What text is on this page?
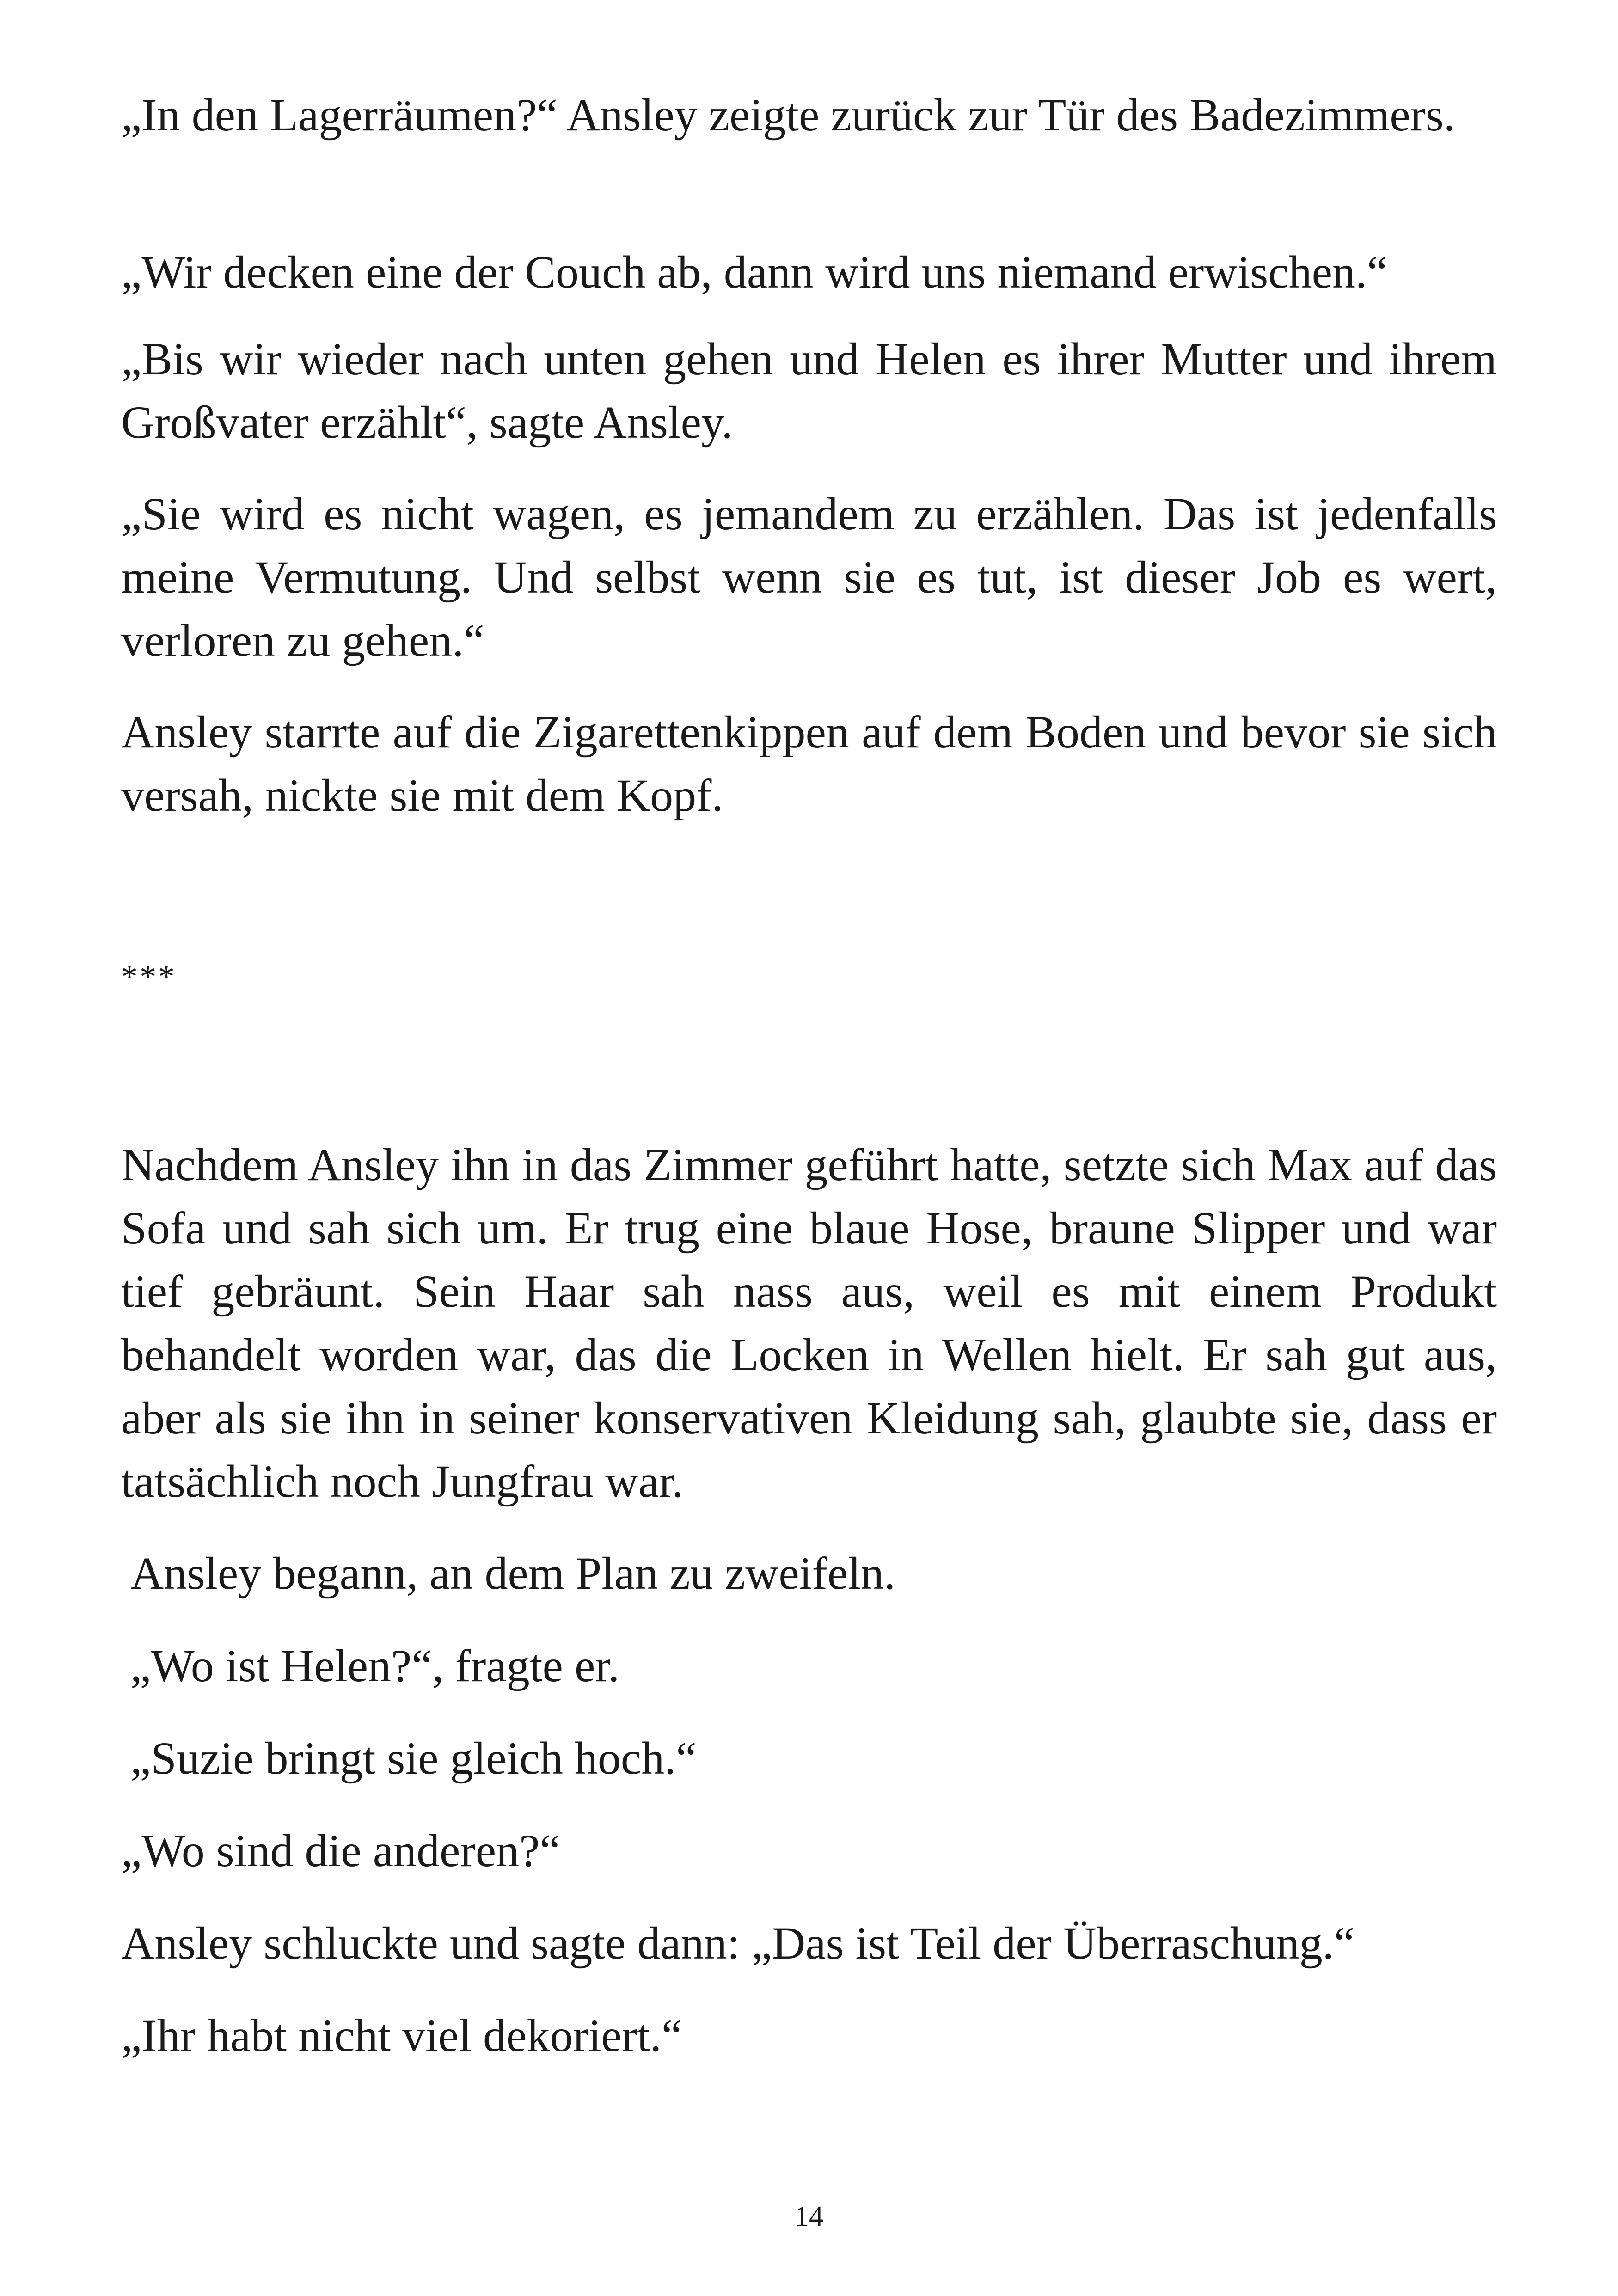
„In den Lagerräumen?“ Ansley zeigte zurück zur Tür des Badezimmers.

„Wir decken eine der Couch ab, dann wird uns niemand erwischen.“

„Bis wir wieder nach unten gehen und Helen es ihrer Mutter und ihrem Großvater erzählt“, sagte Ansley.

„Sie wird es nicht wagen, es jemandem zu erzählen. Das ist jedenfalls meine Vermutung. Und selbst wenn sie es tut, ist dieser Job es wert, verloren zu gehen.“

Ansley starrte auf die Zigarettenkippen auf dem Boden und bevor sie sich versah, nickte sie mit dem Kopf.

***

Nachdem Ansley ihn in das Zimmer geführt hatte, setzte sich Max auf das Sofa und sah sich um. Er trug eine blaue Hose, braune Slipper und war tief gebräunt. Sein Haar sah nass aus, weil es mit einem Produkt behandelt worden war, das die Locken in Wellen hielt. Er sah gut aus, aber als sie ihn in seiner konservativen Kleidung sah, glaubte sie, dass er tatsächlich noch Jungfrau war.

Ansley begann, an dem Plan zu zweifeln.

„Wo ist Helen?“, fragte er.

„Suzie bringt sie gleich hoch.“

„Wo sind die anderen?“

Ansley schluckte und sagte dann: „Das ist Teil der Überraschung.“

„Ihr habt nicht viel dekoriert.“

14
